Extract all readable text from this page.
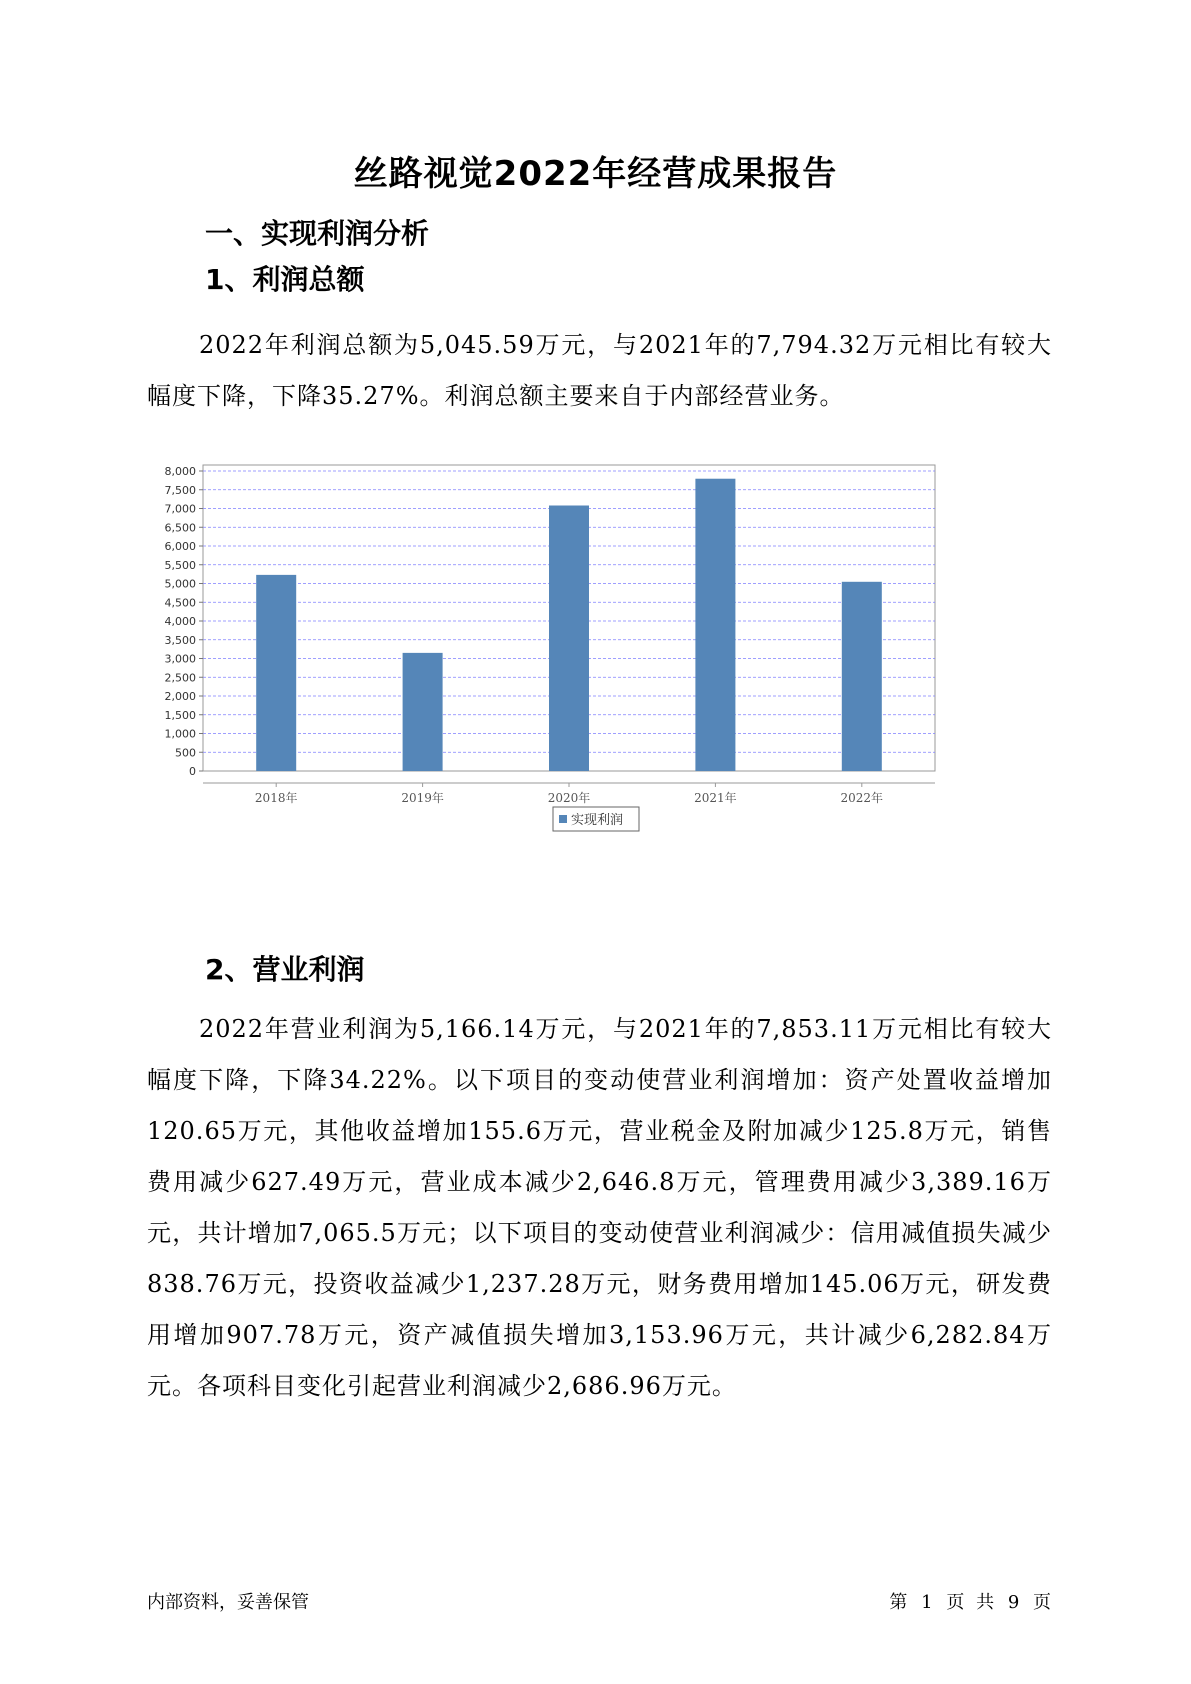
丝路视觉2022年经营成果报告
一、实现利润分析
1、利润总额
2022年利润总额为5,045.59万元，与2021年的7,794.32万元相比有较大幅度下降，下降35.27%。利润总额主要来自于内部经营业务。
0
500
1,000
1,500
2,000
2,500
3,000
3,500
4,000
4,500
5,000
5,500
6,000
6,500
7,000
7,500
8,000
2018年	2019年	2020年	2021年	2022年
实现利润
2、营业利润
2022年营业利润为5,166.14万元，与2021年的7,853.11万元相比有较大幅度下降，下降34.22%。以下项目的变动使营业利润增加：资产处置收益增加120.65万元，其他收益增加155.6万元，营业税金及附加减少125.8万元，销售费用减少627.49万元，营业成本减少2,646.8万元，管理费用减少3,389.16万元，共计增加7,065.5万元；以下项目的变动使营业利润减少：信用减值损失减少838.76万元，投资收益减少1,237.28万元，财务费用增加145.06万元，研发费用增加907.78万元，资产减值损失增加3,153.96万元，共计减少6,282.84万元。各项科目变化引起营业利润减少2,686.96万元。
内部资料，妥善保管	第 1 页 共 9 页
